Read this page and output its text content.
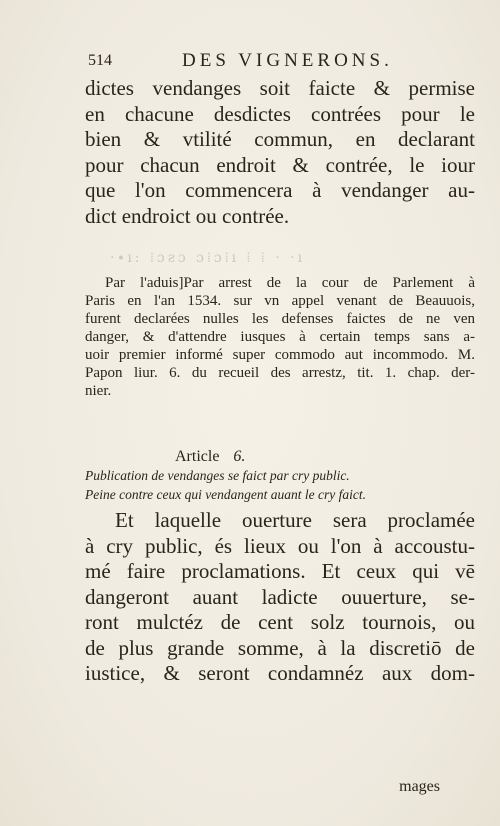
514	DES VIGNERONS.
dictes vendanges soit faicte & permise
en chacune desdictes contrées pour le
bien & vtilité commun, en declarant
pour chacun endroit & contrée, le iour
que l'on commencera à vendanger au-
dict endroict ou contrée.
·∙ı: ⁞ɔƨɔ ɔ⁞ɔ⁞ı ⁞ ⁞ · ·ı
Par l'aduis]Par arrest de la cour de Parlement à
Paris en l'an 1534. sur vn appel venant de Beauuois,
furent declarées nulles les defenses faictes de ne ven
danger, & d'attendre iusques à certain temps sans a-
uoir premier informé super commodo aut incommodo. M.
Papon liur. 6. du recueil des arrestz, tit. 1. chap. der-
nier.
Article 6.
Publication de vendanges se faict par cry public.
Peine contre ceux qui vendangent auant le cry faict.
Et laquelle ouerture sera proclamée
à cry public, és lieux ou l'on à accoustu-
mé faire proclamations. Et ceux qui vē
dangeront auant ladicte ouuerture, se-
ront mulctéz de cent solz tournois, ou
de plus grande somme, à la discretiō de
iustice, & seront condamnéz aux dom-
mages
